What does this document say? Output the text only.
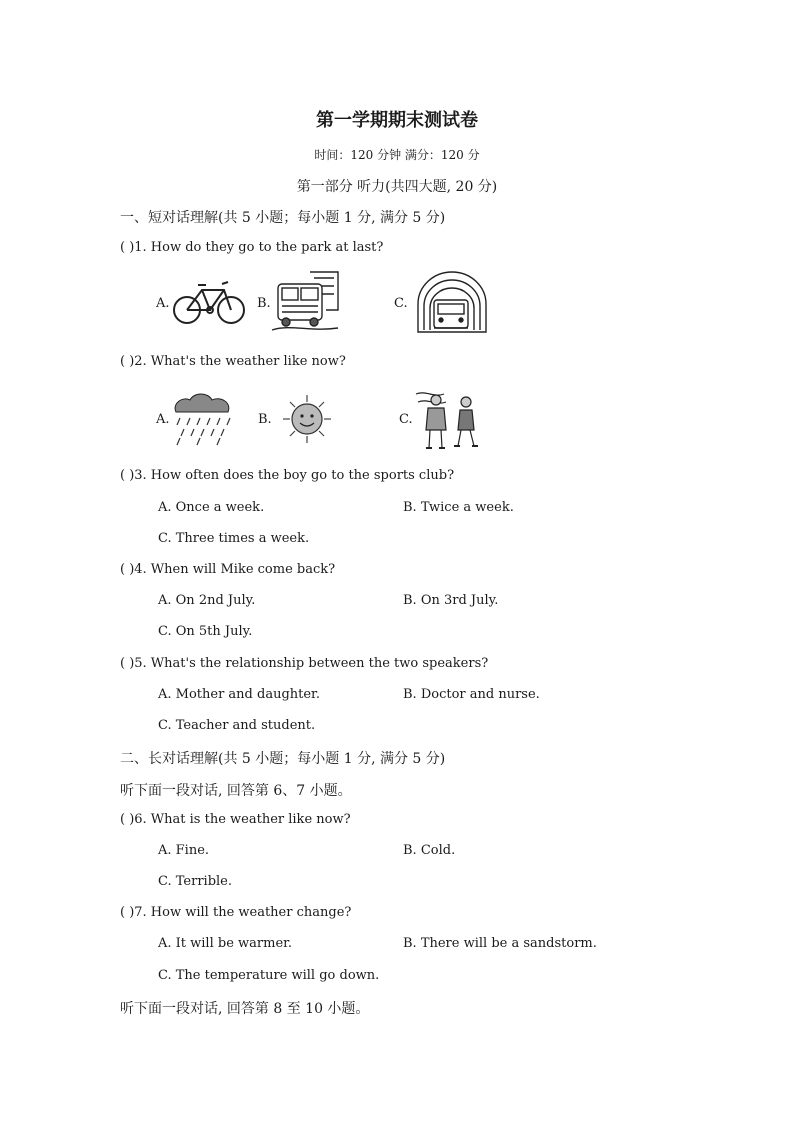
第一学期期末测试卷
时间：120 分钟 满分：120 分
第一部分 听力(共四大题, 20 分)
一、短对话理解(共 5 小题；每小题 1 分, 满分 5 分)
( )1. How do they go to the park at last?
A.	B.	C.
( )2. What's the weather like now?
A.	B.	C.
( )3. How often does the boy go to the sports club?
A. Once a week.	B. Twice a week.
C. Three times a week.
( )4. When will Mike come back?
A. On 2nd July.	B. On 3rd July.
C. On 5th July.
( )5. What's the relationship between the two speakers?
A. Mother and daughter.	B. Doctor and nurse.
C. Teacher and student.
二、长对话理解(共 5 小题；每小题 1 分, 满分 5 分)
听下面一段对话, 回答第 6、7 小题。
( )6. What is the weather like now?
A. Fine.	B. Cold.
C. Terrible.
( )7. How will the weather change?
A. It will be warmer.	B. There will be a sandstorm.
C. The temperature will go down.
听下面一段对话, 回答第 8 至 10 小题。
